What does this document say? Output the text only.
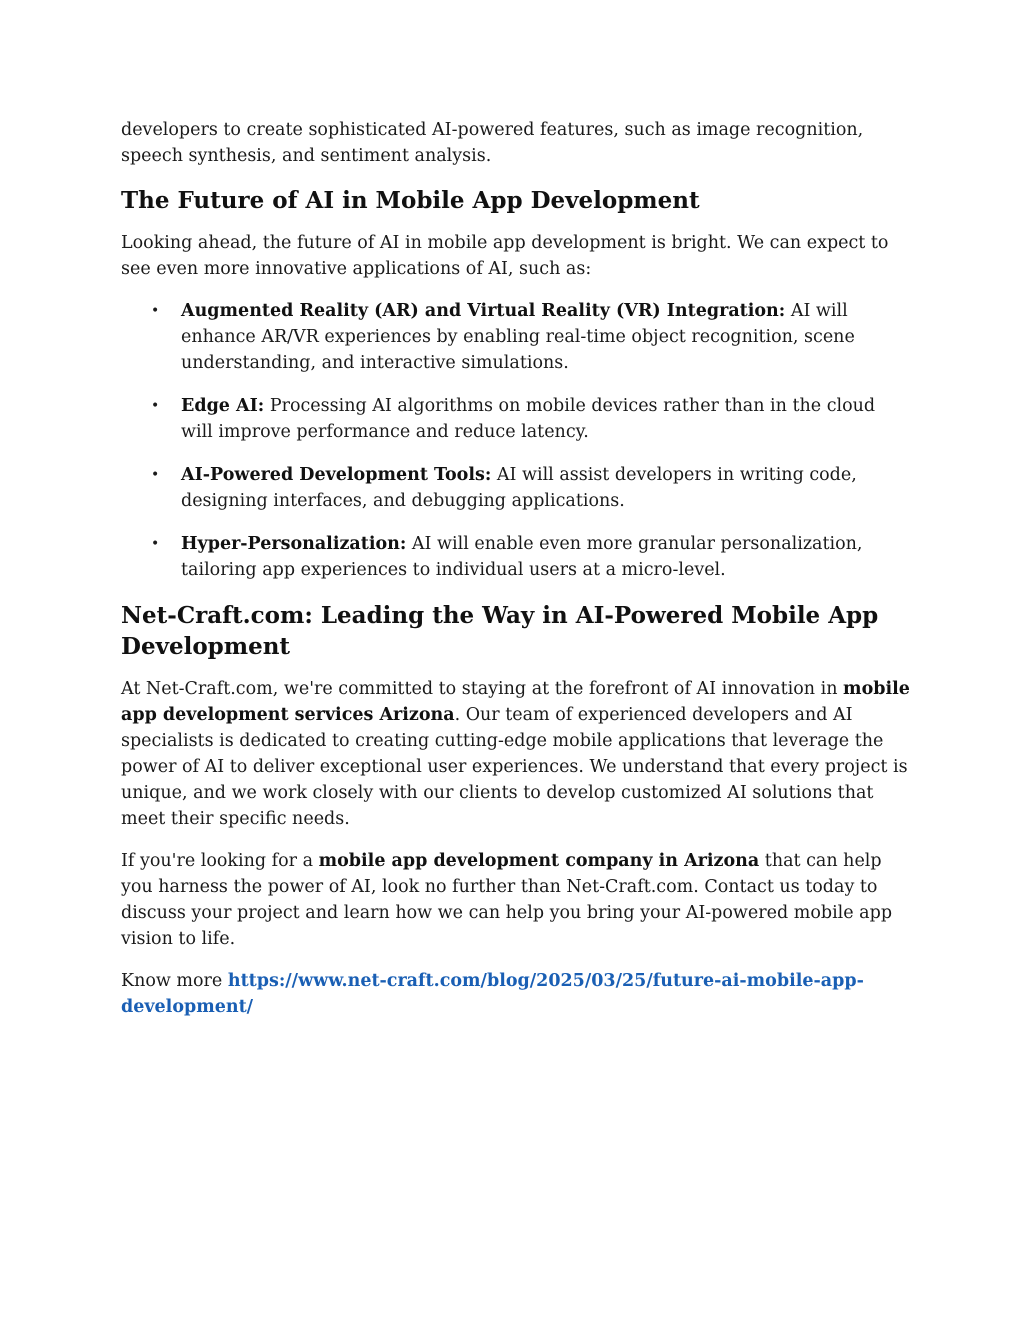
developers to create sophisticated AI-powered features, such as image recognition, speech synthesis, and sentiment analysis.

The Future of AI in Mobile App Development

Looking ahead, the future of AI in mobile app development is bright. We can expect to see even more innovative applications of AI, such as:

• Augmented Reality (AR) and Virtual Reality (VR) Integration: AI will enhance AR/VR experiences by enabling real-time object recognition, scene understanding, and interactive simulations.
• Edge AI: Processing AI algorithms on mobile devices rather than in the cloud will improve performance and reduce latency.
• AI-Powered Development Tools: AI will assist developers in writing code, designing interfaces, and debugging applications.
• Hyper-Personalization: AI will enable even more granular personalization, tailoring app experiences to individual users at a micro-level.
Net-Craft.com: Leading the Way in AI-Powered Mobile App Development

At Net-Craft.com, we're committed to staying at the forefront of AI innovation in mobile app development services Arizona. Our team of experienced developers and AI specialists is dedicated to creating cutting-edge mobile applications that leverage the power of AI to deliver exceptional user experiences. We understand that every project is unique, and we work closely with our clients to develop customized AI solutions that meet their specific needs.

If you're looking for a mobile app development company in Arizona that can help you harness the power of AI, look no further than Net-Craft.com. Contact us today to discuss your project and learn how we can help you bring your AI-powered mobile app vision to life.

Know more https://www.net-craft.com/blog/2025/03/25/future-ai-mobile-app-development/
